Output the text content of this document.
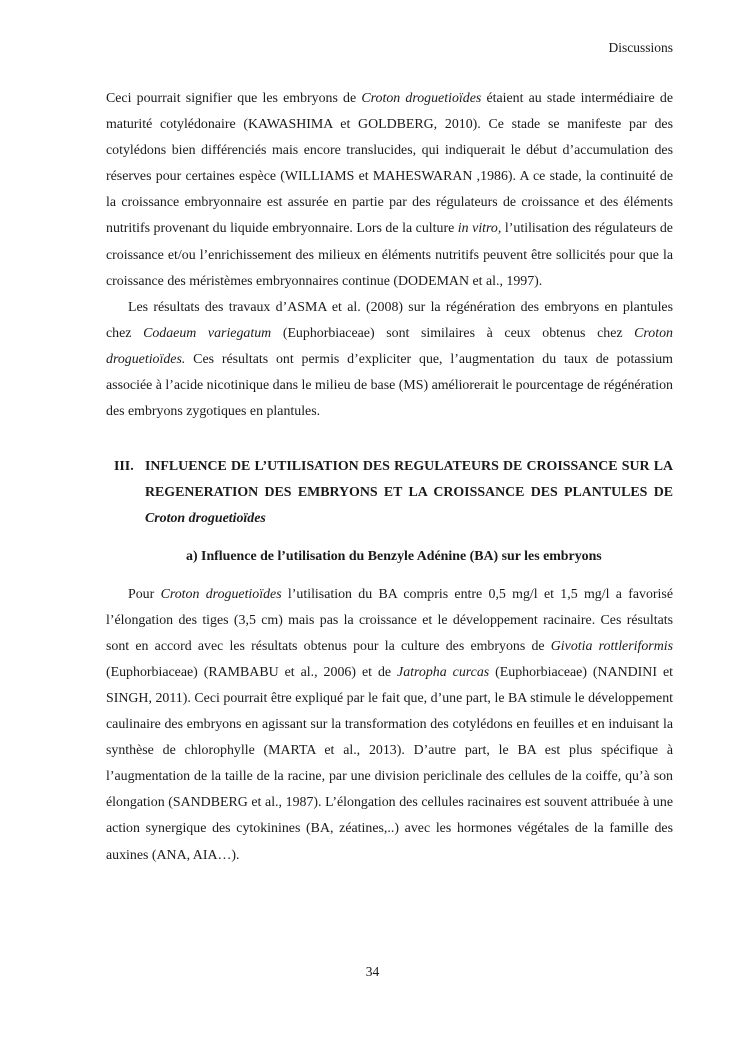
Discussions

Ceci pourrait signifier que les embryons de Croton droguetioïdes étaient au stade intermédiaire de maturité cotylédonaire (KAWASHIMA et GOLDBERG, 2010). Ce stade se manifeste par des cotylédons bien différenciés mais encore translucides, qui indiquerait le début d’accumulation des réserves pour certaines espèce (WILLIAMS et MAHESWARAN ,1986). A ce stade, la continuité de la croissance embryonnaire est assurée en partie par des régulateurs de croissance et des éléments nutritifs provenant du liquide embryonnaire. Lors de la culture in vitro, l’utilisation des régulateurs de croissance et/ou l’enrichissement des milieux en éléments nutritifs peuvent être sollicités pour que la croissance des méristèmes embryonnaires continue (DODEMAN et al., 1997).

Les résultats des travaux d’ASMA et al. (2008) sur la régénération des embryons en plantules chez Codaeum variegatum (Euphorbiaceae) sont similaires à ceux obtenus chez Croton droguetioïdes. Ces résultats ont permis d’expliciter que, l’augmentation du taux de potassium associée à l’acide nicotinique dans le milieu de base (MS) améliorerait le pourcentage de régénération des embryons zygotiques en plantules.

III. INFLUENCE DE L’UTILISATION DES REGULATEURS DE CROISSANCE SUR LA REGENERATION DES EMBRYONS ET LA CROISSANCE DES PLANTULES DE Croton droguetioïdes
a) Influence de l’utilisation du Benzyle Adénine (BA) sur les embryons

Pour Croton droguetioïdes l’utilisation du BA compris entre 0,5 mg/l et 1,5 mg/l a favorisé l’élongation des tiges (3,5 cm) mais pas la croissance et le développement racinaire. Ces résultats sont en accord avec les résultats obtenus pour la culture des embryons de Givotia rottleriformis (Euphorbiaceae) (RAMBABU et al., 2006) et de Jatropha curcas (Euphorbiaceae) (NANDINI et SINGH, 2011). Ceci pourrait être expliqué par le fait que, d’une part, le BA stimule le développement caulinaire des embryons en agissant sur la transformation des cotylédons en feuilles et en induisant la synthèse de chlorophylle (MARTA et al., 2013). D’autre part, le BA est plus spécifique à l’augmentation de la taille de la racine, par une division periclinale des cellules de la coiffe, qu’à son élongation (SANDBERG et al., 1987). L’élongation des cellules racinaires est souvent attribuée à une action synergique des cytokinines (BA, zéatines,..) avec les hormones végétales de la famille des auxines (ANA, AIA…).

34
